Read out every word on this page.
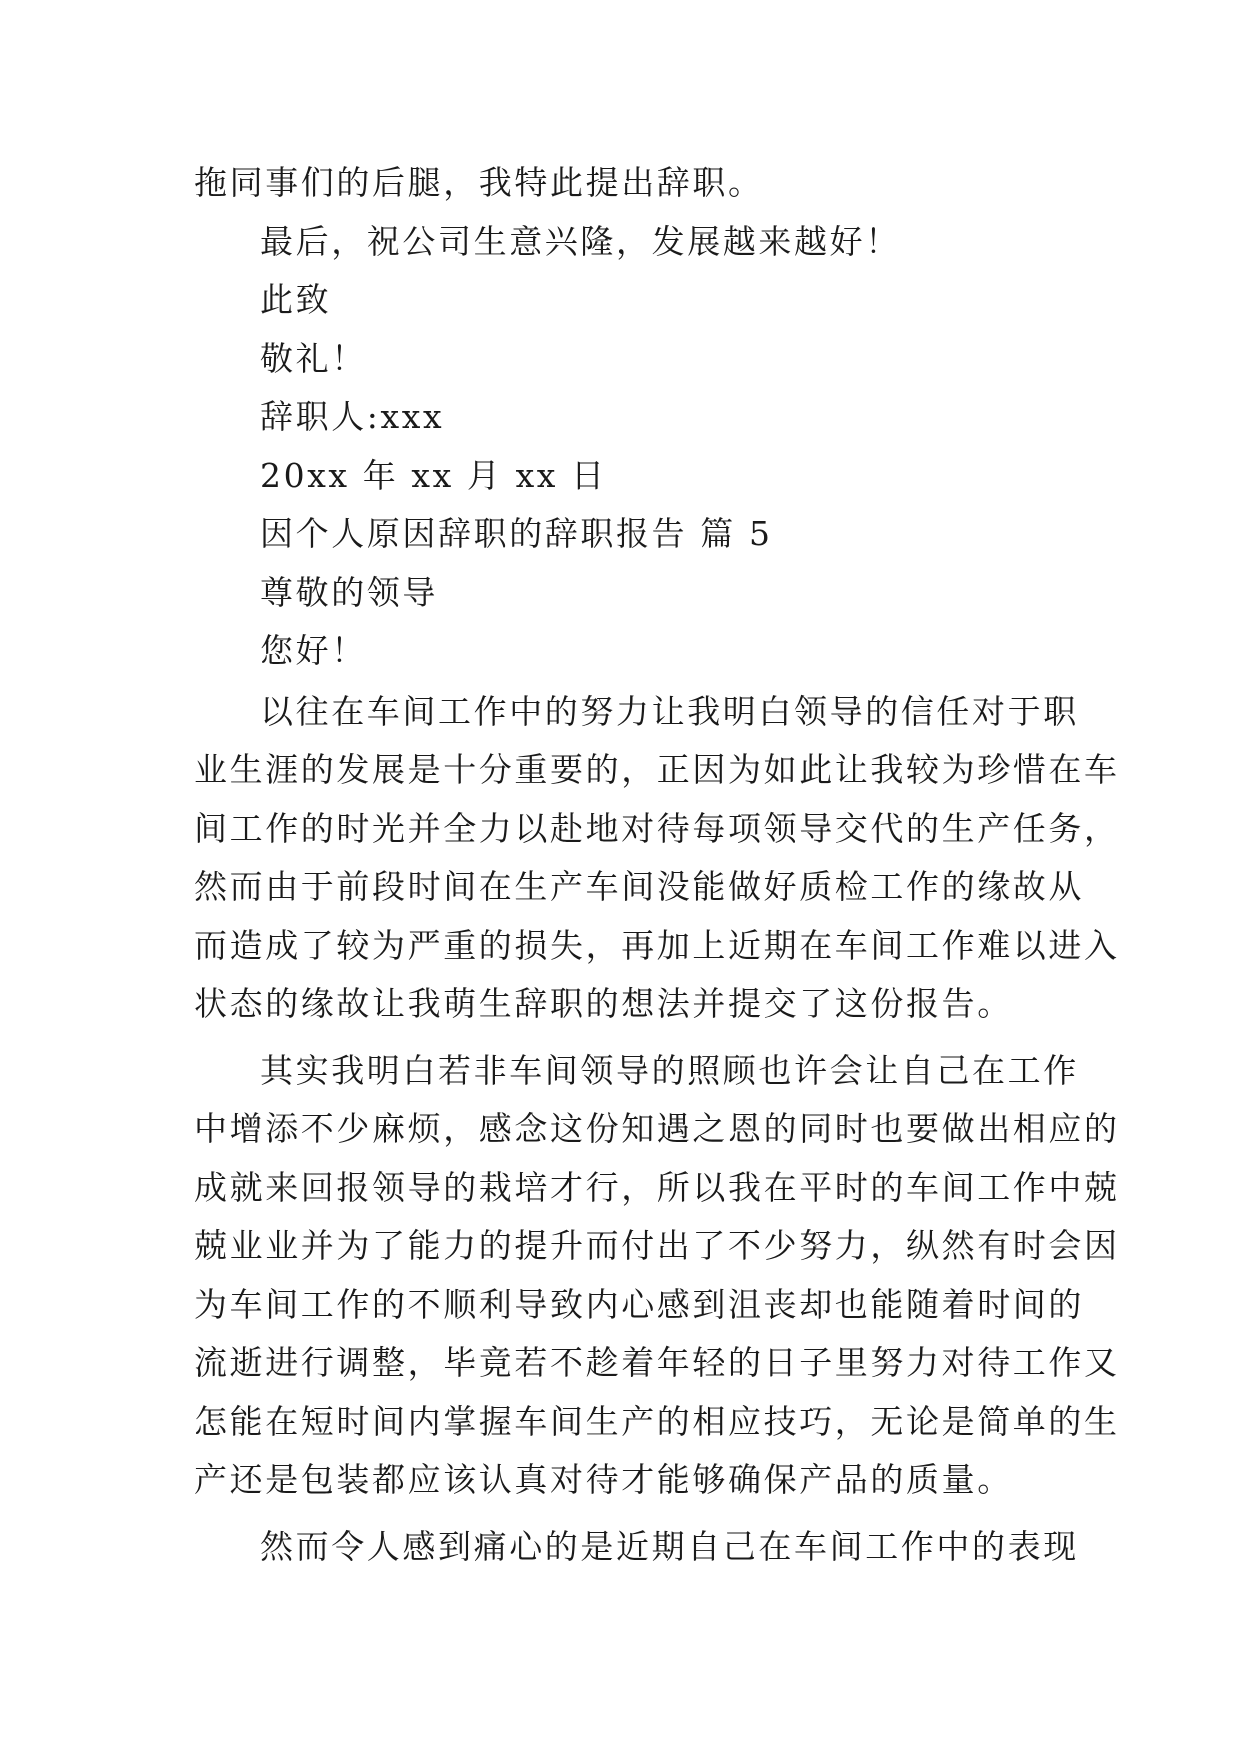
拖同事们的后腿，我特此提出辞职。
最后，祝公司生意兴隆，发展越来越好！
此致
敬礼！
辞职人:xxx
20xx 年 xx 月 xx 日
因个人原因辞职的辞职报告 篇 5
尊敬的领导
您好！
以往在车间工作中的努力让我明白领导的信任对于职
业生涯的发展是十分重要的，正因为如此让我较为珍惜在车
间工作的时光并全力以赴地对待每项领导交代的生产任务，
然而由于前段时间在生产车间没能做好质检工作的缘故从
而造成了较为严重的损失，再加上近期在车间工作难以进入
状态的缘故让我萌生辞职的想法并提交了这份报告。
其实我明白若非车间领导的照顾也许会让自己在工作
中增添不少麻烦，感念这份知遇之恩的同时也要做出相应的
成就来回报领导的栽培才行，所以我在平时的车间工作中兢
兢业业并为了能力的提升而付出了不少努力，纵然有时会因
为车间工作的不顺利导致内心感到沮丧却也能随着时间的
流逝进行调整，毕竟若不趁着年轻的日子里努力对待工作又
怎能在短时间内掌握车间生产的相应技巧，无论是简单的生
产还是包装都应该认真对待才能够确保产品的质量。
然而令人感到痛心的是近期自己在车间工作中的表现
